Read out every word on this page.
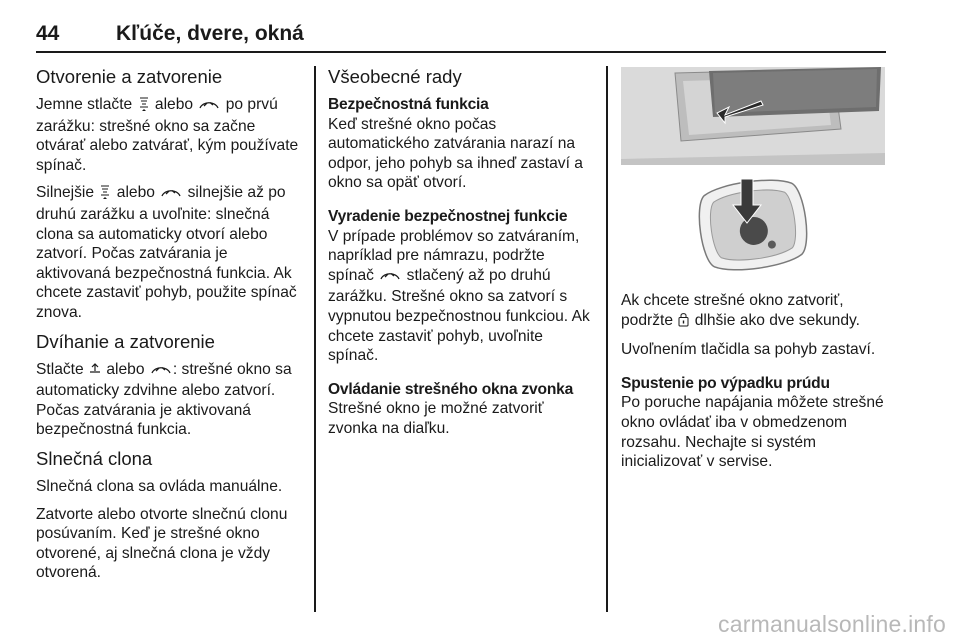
44	Kľúče, dvere, okná
Otvorenie a zatvorenie

Jemne stlačte alebo po prvú zarážku: strešné okno sa začne otvárať alebo zatvárať, kým používate spínač.

Silnejšie alebo silnejšie až po druhú zarážku a uvoľnite: slnečná clona sa automaticky otvorí alebo zatvorí. Počas zatvárania je aktivovaná bezpečnostná funkcia. Ak chcete zastaviť pohyb, použite spínač znova.

Dvíhanie a zatvorenie

Stlačte alebo : strešné okno sa automaticky zdvihne alebo zatvorí. Počas zatvárania je aktivovaná bezpečnostná funkcia.

Slnečná clona

Slnečná clona sa ovláda manuálne.

Zatvorte alebo otvorte slnečnú clonu posúvaním. Keď je strešné okno otvorené, aj slnečná clona je vždy otvorená.

Všeobecné rady
Bezpečnostná funkcia

Keď strešné okno počas automatického zatvárania narazí na odpor, jeho pohyb sa ihneď zastaví a okno sa opäť otvorí.

Vyradenie bezpečnostnej funkcie

V prípade problémov so zatváraním, napríklad pre námrazu, podržte spínač stlačený až po druhú zarážku. Strešné okno sa zatvorí s vypnutou bezpečnostnou funkciou. Ak chcete zastaviť pohyb, uvoľnite spínač.

Ovládanie strešného okna zvonka

Strešné okno je možné zatvoriť zvonka na diaľku.

Ak chcete strešné okno zatvoriť, podržte dlhšie ako dve sekundy.

Uvoľnením tlačidla sa pohyb zastaví.

Spustenie po výpadku prúdu

Po poruche napájania môžete strešné okno ovládať iba v obmedzenom rozsahu. Nechajte si systém inicializovať v servise.

carmanualsonline.info
